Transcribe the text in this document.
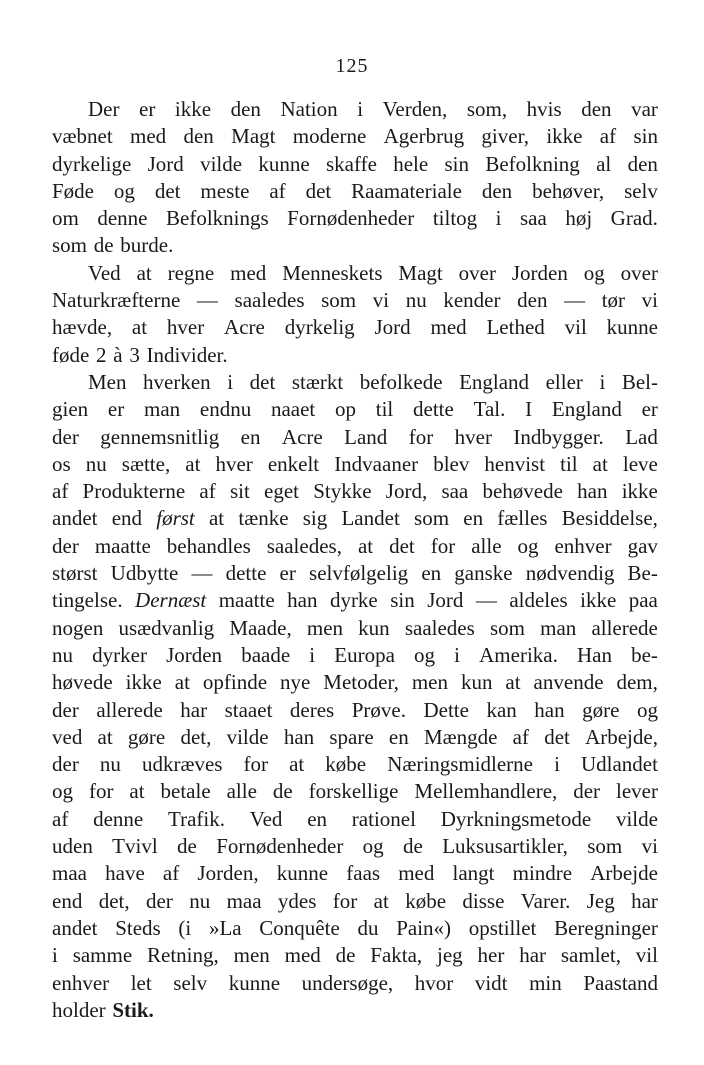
125
Der er ikke den Nation i Verden, som, hvis den var
væbnet med den Magt moderne Agerbrug giver, ikke af sin
dyrkelige Jord vilde kunne skaffe hele sin Befolkning al den
Føde og det meste af det Raamateriale den behøver, selv
om denne Befolknings Fornødenheder tiltog i saa høj Grad.
som de burde.
Ved at regne med Menneskets Magt over Jorden og over
Naturkræfterne — saaledes som vi nu kender den — tør vi
hævde, at hver Acre dyrkelig Jord med Lethed vil kunne
føde 2 à 3 Individer.
Men hverken i det stærkt befolkede England eller i Bel-
gien er man endnu naaet op til dette Tal. I England er
der gennemsnitlig en Acre Land for hver Indbygger. Lad
os nu sætte, at hver enkelt Indvaaner blev henvist til at leve
af Produkterne af sit eget Stykke Jord, saa behøvede han ikke
andet end først at tænke sig Landet som en fælles Besiddelse,
der maatte behandles saaledes, at det for alle og enhver gav
størst Udbytte — dette er selvfølgelig en ganske nødvendig Be-
tingelse. Dernæst maatte han dyrke sin Jord — aldeles ikke paa
nogen usædvanlig Maade, men kun saaledes som man allerede
nu dyrker Jorden baade i Europa og i Amerika. Han be-
høvede ikke at opfinde nye Metoder, men kun at anvende dem,
der allerede har staaet deres Prøve. Dette kan han gøre og
ved at gøre det, vilde han spare en Mængde af det Arbejde,
der nu udkræves for at købe Næringsmidlerne i Udlandet
og for at betale alle de forskellige Mellemhandlere, der lever
af denne Trafik. Ved en rationel Dyrkningsmetode vilde
uden Tvivl de Fornødenheder og de Luksusartikler, som vi
maa have af Jorden, kunne faas med langt mindre Arbejde
end det, der nu maa ydes for at købe disse Varer. Jeg har
andet Steds (i »La Conquête du Pain«) opstillet Beregninger
i samme Retning, men med de Fakta, jeg her har samlet, vil
enhver let selv kunne undersøge, hvor vidt min Paastand
holder Stik.
